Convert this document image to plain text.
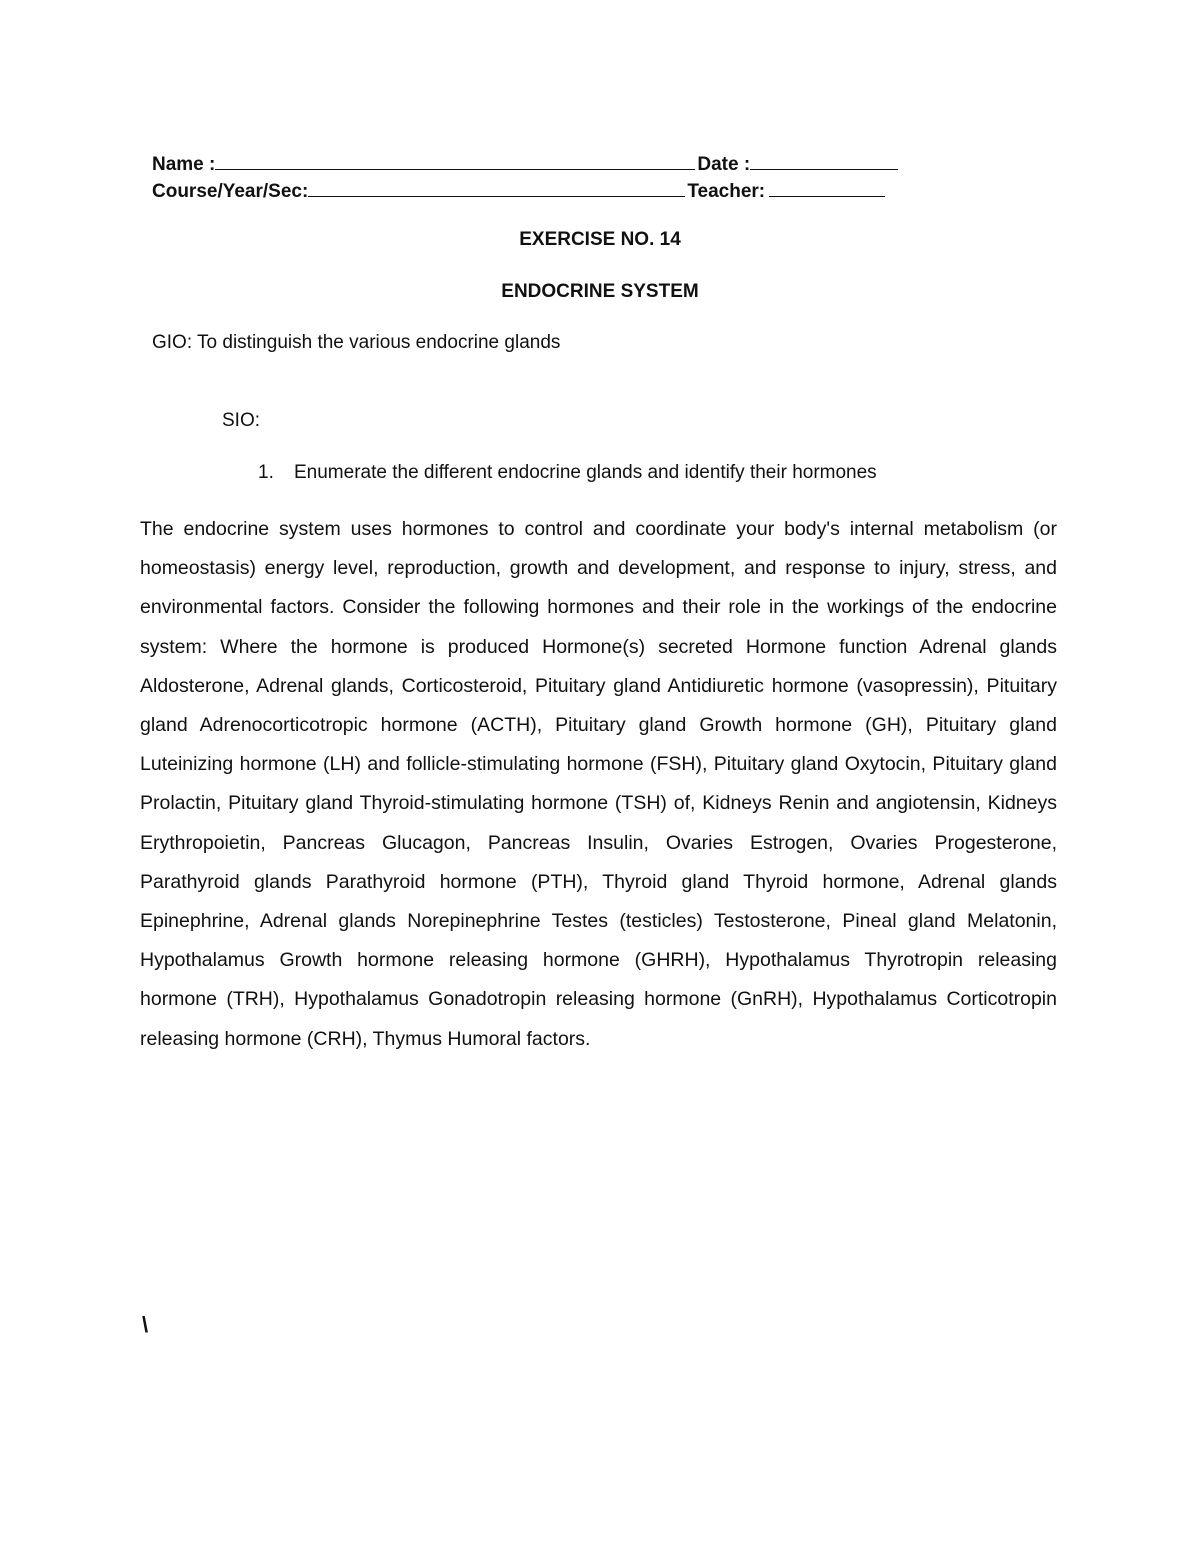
Name :	Date :
Course/Year/Sec:	Teacher:
EXERCISE NO. 14
ENDOCRINE SYSTEM
GIO: To distinguish the various endocrine glands
SIO:
1. Enumerate the different endocrine glands and identify their hormones
The endocrine system uses hormones to control and coordinate your body's internal metabolism (or homeostasis) energy level, reproduction, growth and development, and response to injury, stress, and environmental factors. Consider the following hormones and their role in the workings of the endocrine system: Where the hormone is produced Hormone(s) secreted Hormone function Adrenal glands Aldosterone, Adrenal glands, Corticosteroid, Pituitary gland Antidiuretic hormone (vasopressin), Pituitary gland Adrenocorticotropic hormone (ACTH), Pituitary gland Growth hormone (GH), Pituitary gland Luteinizing hormone (LH) and follicle-stimulating hormone (FSH), Pituitary gland Oxytocin, Pituitary gland Prolactin, Pituitary gland Thyroid-stimulating hormone (TSH) of, Kidneys Renin and angiotensin, Kidneys Erythropoietin, Pancreas Glucagon, Pancreas Insulin, Ovaries Estrogen, Ovaries Progesterone, Parathyroid glands Parathyroid hormone (PTH), Thyroid gland Thyroid hormone, Adrenal glands Epinephrine, Adrenal glands Norepinephrine Testes (testicles) Testosterone, Pineal gland Melatonin, Hypothalamus Growth hormone releasing hormone (GHRH), Hypothalamus Thyrotropin releasing hormone (TRH), Hypothalamus Gonadotropin releasing hormone (GnRH), Hypothalamus Corticotropin releasing hormone (CRH), Thymus Humoral factors.
\
